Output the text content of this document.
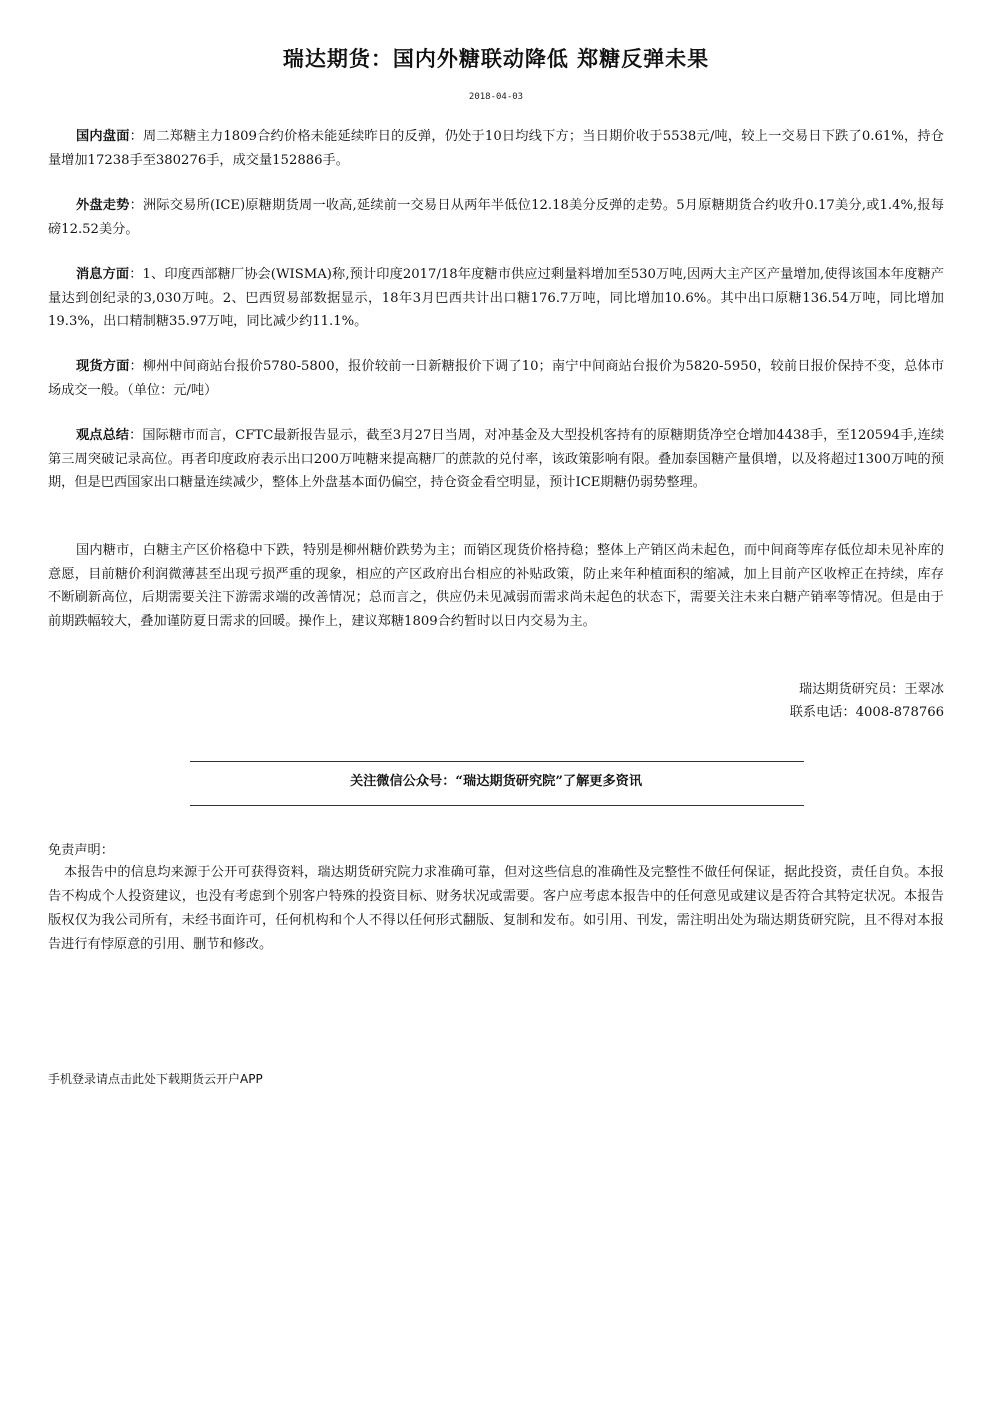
瑞达期货：国内外糖联动降低 郑糖反弹未果
2018-04-03

国内盘面：周二郑糖主力1809合约价格未能延续昨日的反弹，仍处于10日均线下方；当日期价收于5538元/吨，较上一交易日下跌了0.61%，持仓量增加17238手至380276手，成交量152886手。

外盘走势：洲际交易所(ICE)原糖期货周一收高,延续前一交易日从两年半低位12.18美分反弹的走势。5月原糖期货合约收升0.17美分,或1.4%,报每磅12.52美分。

消息方面：1、印度西部糖厂协会(WISMA)称,预计印度2017/18年度糖市供应过剩量料增加至530万吨,因两大主产区产量增加,使得该国本年度糖产量达到创纪录的3,030万吨。2、巴西贸易部数据显示，18年3月巴西共计出口糖176.7万吨，同比增加10.6%。其中出口原糖136.54万吨，同比增加19.3%，出口精制糖35.97万吨，同比减少约11.1%。

现货方面：柳州中间商站台报价5780-5800，报价较前一日新糖报价下调了10；南宁中间商站台报价为5820-5950，较前日报价保持不变，总体市场成交一般。（单位：元/吨）

观点总结：国际糖市而言，CFTC最新报告显示，截至3月27日当周，对冲基金及大型投机客持有的原糖期货净空仓增加4438手，至120594手,连续第三周突破记录高位。再者印度政府表示出口200万吨糖来提高糖厂的蔗款的兑付率，该政策影响有限。叠加泰国糖产量俱增，以及将超过1300万吨的预期，但是巴西国家出口糖量连续减少，整体上外盘基本面仍偏空，持仓资金看空明显，预计ICE期糖仍弱势整理。

国内糖市，白糖主产区价格稳中下跌，特别是柳州糖价跌势为主；而销区现货价格持稳；整体上产销区尚未起色，而中间商等库存低位却未见补库的意愿，目前糖价利润微薄甚至出现亏损严重的现象，相应的产区政府出台相应的补贴政策，防止来年种植面积的缩减，加上目前产区收榨正在持续，库存不断刷新高位，后期需要关注下游需求端的改善情况；总而言之，供应仍未见减弱而需求尚未起色的状态下，需要关注未来白糖产销率等情况。但是由于前期跌幅较大，叠加谨防夏日需求的回暖。操作上，建议郑糖1809合约暂时以日内交易为主。

瑞达期货研究员：王翠冰
联系电话：4008-878766
关注微信公众号：“瑞达期货研究院”了解更多资讯
免责声明：

本报告中的信息均来源于公开可获得资料，瑞达期货研究院力求准确可靠，但对这些信息的准确性及完整性不做任何保证，据此投资，责任自负。本报告不构成个人投资建议，也没有考虑到个别客户特殊的投资目标、财务状况或需要。客户应考虑本报告中的任何意见或建议是否符合其特定状况。本报告版权仅为我公司所有，未经书面许可，任何机构和个人不得以任何形式翻版、复制和发布。如引用、刊发，需注明出处为瑞达期货研究院，且不得对本报告进行有悖原意的引用、删节和修改。

手机登录请点击此处下载期货云开户APP
